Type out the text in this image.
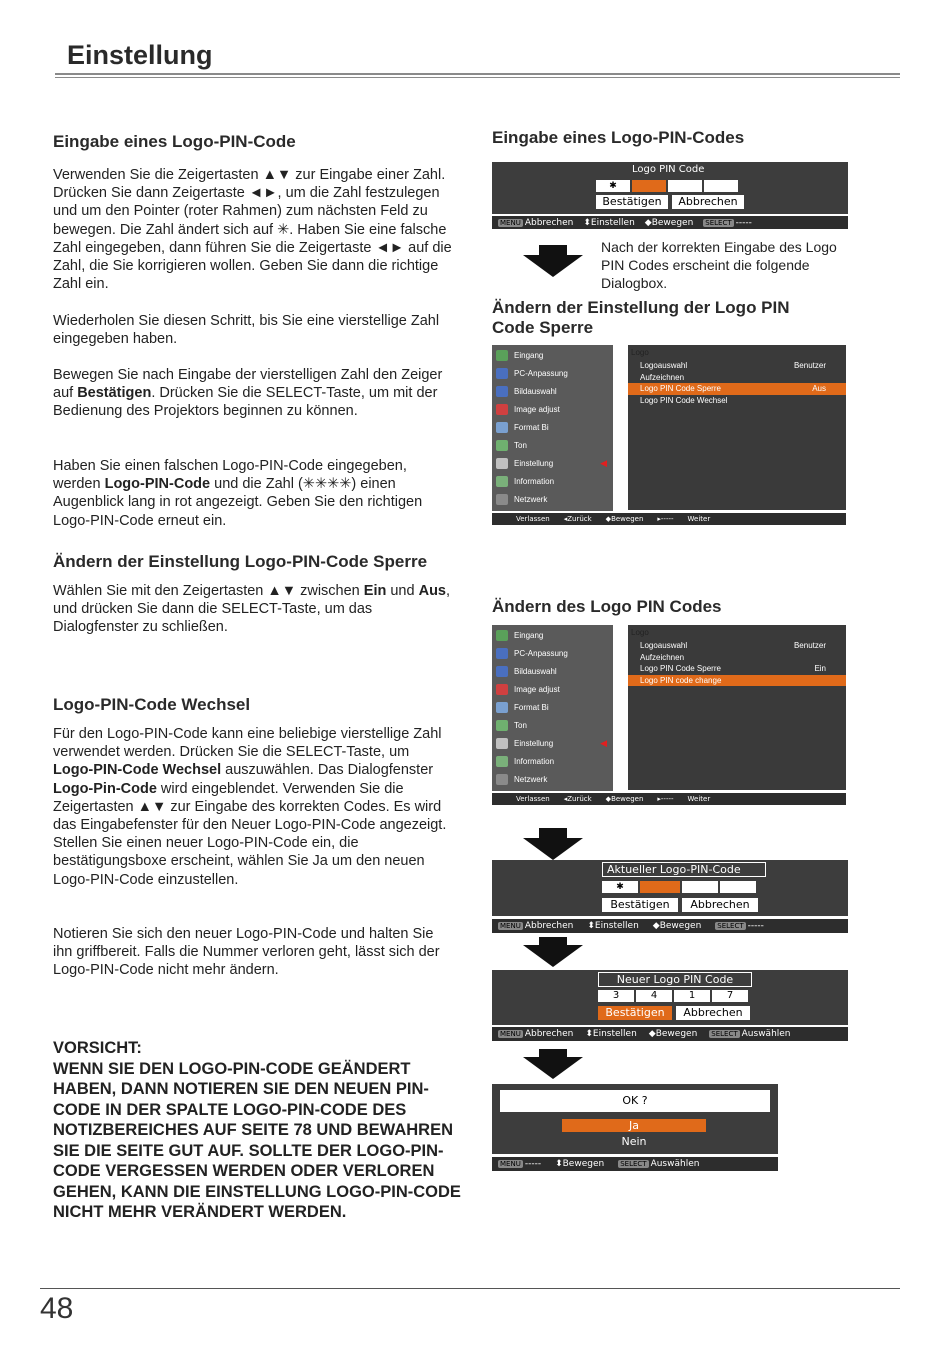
Einstellung
Eingabe eines Logo-PIN-Code
Verwenden Sie die Zeigertasten ▲▼ zur Eingabe einer Zahl. Drücken Sie dann Zeigertaste ◄►, um die Zahl festzulegen und um den Pointer (roter Rahmen) zum nächsten Feld zu bewegen. Die Zahl ändert sich auf ✳. Haben Sie eine falsche Zahl eingegeben, dann führen Sie die Zeigertaste ◄► auf die Zahl, die Sie korrigieren wollen. Geben Sie dann die richtige Zahl ein.
Wiederholen Sie diesen Schritt, bis Sie eine vierstellige Zahl eingegeben haben.
Bewegen Sie nach Eingabe der vierstelligen Zahl den Zeiger auf Bestätigen. Drücken Sie die SELECT-Taste, um mit der Bedienung des Projektors beginnen zu können.
Haben Sie einen falschen Logo-PIN-Code eingegeben, werden Logo-PIN-Code und die Zahl (✳✳✳✳) einen Augenblick lang in rot angezeigt. Geben Sie den richtigen Logo-PIN-Code erneut ein.
Ändern der Einstellung Logo-PIN-Code Sperre
Wählen Sie mit den Zeigertasten ▲▼ zwischen Ein und Aus, und drücken Sie dann die SELECT-Taste, um das Dialogfenster zu schließen.
Logo-PIN-Code Wechsel
Für den Logo-PIN-Code kann eine beliebige vierstellige Zahl verwendet werden. Drücken Sie die SELECT-Taste, um Logo-PIN-Code Wechsel auszuwählen. Das Dialogfenster Logo-Pin-Code wird eingeblendet. Verwenden Sie die Zeigertasten ▲▼ zur Eingabe des korrekten Codes. Es wird das Eingabefenster für den Neuer Logo-PIN-Code angezeigt. Stellen Sie einen neuer Logo-PIN-Code ein, die bestätigungsboxe erscheint, wählen Sie Ja um den neuen Logo-PIN-Code einzustellen.
Notieren Sie sich den neuer Logo-PIN-Code und halten Sie ihn griffbereit. Falls die Nummer verloren geht, lässt sich der Logo-PIN-Code nicht mehr ändern.
VORSICHT:
WENN SIE DEN LOGO-PIN-CODE GEÄNDERT HABEN, DANN NOTIEREN SIE DEN NEUEN PIN-CODE IN DER SPALTE LOGO-PIN-CODE DES NOTIZBEREICHES AUF SEITE 78 UND BEWAHREN SIE DIE SEITE GUT AUF. SOLLTE DER LOGO-PIN-CODE VERGESSEN WERDEN ODER VERLOREN GEHEN, KANN DIE EINSTELLUNG LOGO-PIN-CODE NICHT MEHR VERÄNDERT WERDEN.
Eingabe eines Logo-PIN-Codes
Logo PIN Code
✱
Bestätigen	Abbrechen
MENU Abbrechen ⬍Einstellen ◆Bewegen SELECT -----
Nach der korrekten Eingabe des Logo PIN Codes erscheint die folgende Dialogbox.
Ändern der Einstellung der Logo PIN Code Sperre
Eingang
PC-Anpassung
Bildauswahl
Image adjust
Format Bi
Ton
Einstellung	◀
Information
Netzwerk
Logo
Logoauswahl	Benutzer
Aufzeichnen
Logo PIN Code Sperre	Aus
Logo PIN Code Wechsel
Verlassen ◂Zurück ◆Bewegen ▸----- Weiter
Ändern des Logo PIN Codes
Eingang
PC-Anpassung
Bildauswahl
Image adjust
Format Bi
Ton
Einstellung	◀
Information
Netzwerk
Logo
Logoauswahl	Benutzer
Aufzeichnen
Logo PIN Code Sperre	Ein
Logo PIN code change
Verlassen ◂Zurück ◆Bewegen ▸----- Weiter
Aktueller Logo-PIN-Code
✱
Bestätigen	Abbrechen
MENU Abbrechen ⬍Einstellen ◆Bewegen SELECT -----
Neuer Logo PIN Code
3	4	1	7
Bestätigen	Abbrechen
MENU Abbrechen ⬍Einstellen ◆Bewegen SELECT Auswählen
OK ?
Ja
Nein
MENU ----- ⬍Bewegen SELECT Auswählen
48
